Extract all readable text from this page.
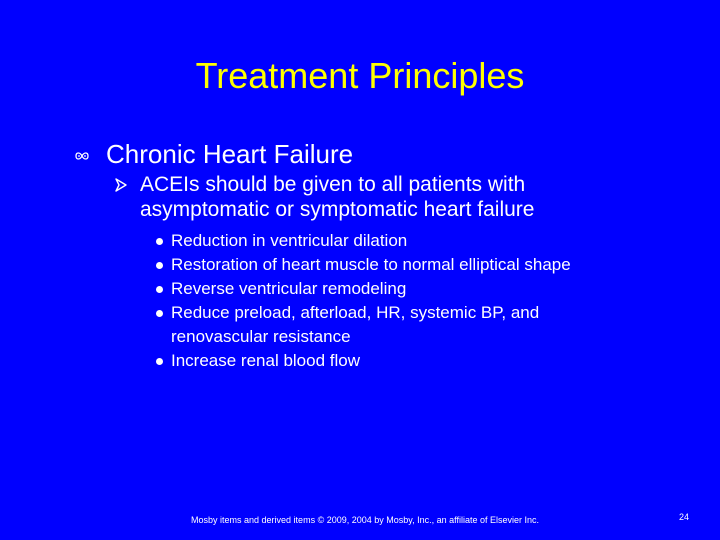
Treatment Principles
Chronic Heart Failure
ACEIs should be given to all patients with
asymptomatic or symptomatic heart failure
Reduction in ventricular dilation
Restoration of heart muscle to normal elliptical shape
Reverse ventricular remodeling
Reduce preload, afterload, HR, systemic BP, and
renovascular resistance
Increase renal blood flow
Mosby items and derived items © 2009, 2004 by Mosby, Inc., an affiliate of Elsevier Inc.	24
